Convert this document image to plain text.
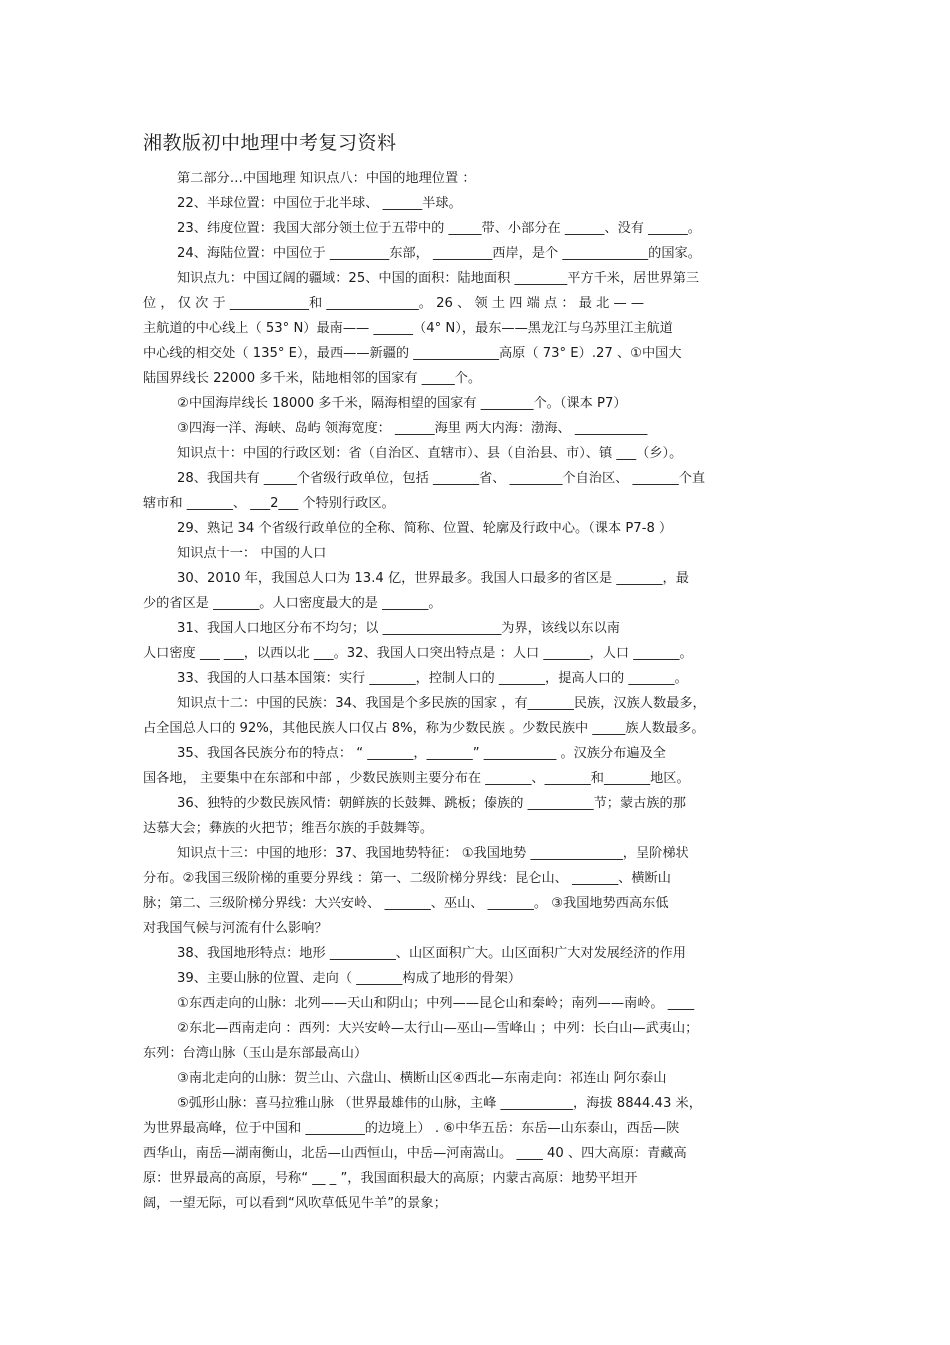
湘教版初中地理中考复习资料
第二部分…中国地理 知识点八：中国的地理位置 ：
22、半球位置：中国位于北半球、 ______半球。
23、纬度位置：我国大部分领土位于五带中的 _____带、小部分在 ______、没有 ______。
24、海陆位置：中国位于 _________东部， _________西岸，是个 _____________的国家。
知识点九：中国辽阔的疆域：25、中国的面积：陆地面积 ________平方千米，居世界第三
位 ， 仅 次 于 ____________和 ______________。 26 、 领 土 四 端 点 ： 最 北 — —
主航道的中心线上（ 53° N）最南—— ______（4° N），最东——黑龙江与乌苏里江主航道
中心线的相交处（ 135° E），最西——新疆的 _____________高原（ 73° E）.27 、①中国大
陆国界线长 22000 多千米，陆地相邻的国家有 _____个。
②中国海岸线长 18000 多千米，隔海相望的国家有 ________个。（课本 P7）
③四海一洋、海峡、岛屿 领海宽度： ______海里 两大内海：渤海、 ___________
知识点十：中国的行政区划：省（自治区、直辖市）、县（自治县、市）、镇 ___（乡）。
28、我国共有 _____个省级行政单位，包括 _______省、 ________个自治区、 _______个直
辖市和 _______、 ___2___ 个特别行政区。
29、熟记 34 个省级行政单位的全称、简称、位置、轮廓及行政中心。（课本 P7-8 ）
知识点十一： 中国的人口
30、2010 年，我国总人口为 13.4 亿，世界最多。我国人口最多的省区是 _______，最
少的省区是 _______。人口密度最大的是 _______。
31、我国人口地区分布不均匀；以 __________________为界，该线以东以南
人口密度 ___ ___，以西以北 ___。32、我国人口突出特点是 ：人口 _______，人口 _______。
33、我国的人口基本国策：实行 _______，控制人口的 _______，提高人口的 _______。
知识点十二：中国的民族：34、我国是个多民族的国家 ，有_______民族，汉族人数最多，
占全国总人口的 92%，其他民族人口仅占 8%，称为少数民族 。少数民族中 _____族人数最多。
35、我国各民族分布的特点： “ _______，_______” ___________ 。汉族分布遍及全
国各地， 主要集中在东部和中部 ，少数民族则主要分布在 _______、_______和_______地区。
36、独特的少数民族风情：朝鲜族的长鼓舞、跳板；傣族的 __________节；蒙古族的那
达慕大会；彝族的火把节；维吾尔族的手鼓舞等。
知识点十三：中国的地形：37、我国地势特征： ①我国地势 ______________，呈阶梯状
分布。②我国三级阶梯的重要分界线 ：第一、二级阶梯分界线：昆仑山、 _______、横断山
脉；第二、三级阶梯分界线：大兴安岭、 _______、巫山、 _______。 ③我国地势西高东低
对我国气候与河流有什么影响？
38、我国地形特点：地形 __________、山区面积广大。山区面积广大对发展经济的作用
39、主要山脉的位置、走向（ _______构成了地形的骨架）
①东西走向的山脉：北列——天山和阴山；中列——昆仑山和秦岭；南列——南岭。 ____
②东北—西南走向 ：西列：大兴安岭—太行山—巫山—雪峰山 ；中列：长白山—武夷山；
东列：台湾山脉（玉山是东部最高山）
③南北走向的山脉：贺兰山、六盘山、横断山区④西北—东南走向：祁连山 阿尔泰山
⑤弧形山脉：喜马拉雅山脉 （世界最雄伟的山脉，主峰 ___________，海拔 8844.43 米，
为世界最高峰，位于中国和 _________的边境上） . ⑥中华五岳：东岳—山东泰山，西岳—陕
西华山，南岳—湖南衡山，北岳—山西恒山，中岳—河南嵩山。 ____ 40 、四大高原：青藏高
原：世界最高的高原，号称“ __ _ ”，我国面积最大的高原；内蒙古高原：地势平坦开
阔，一望无际，可以看到“风吹草低见牛羊”的景象；
